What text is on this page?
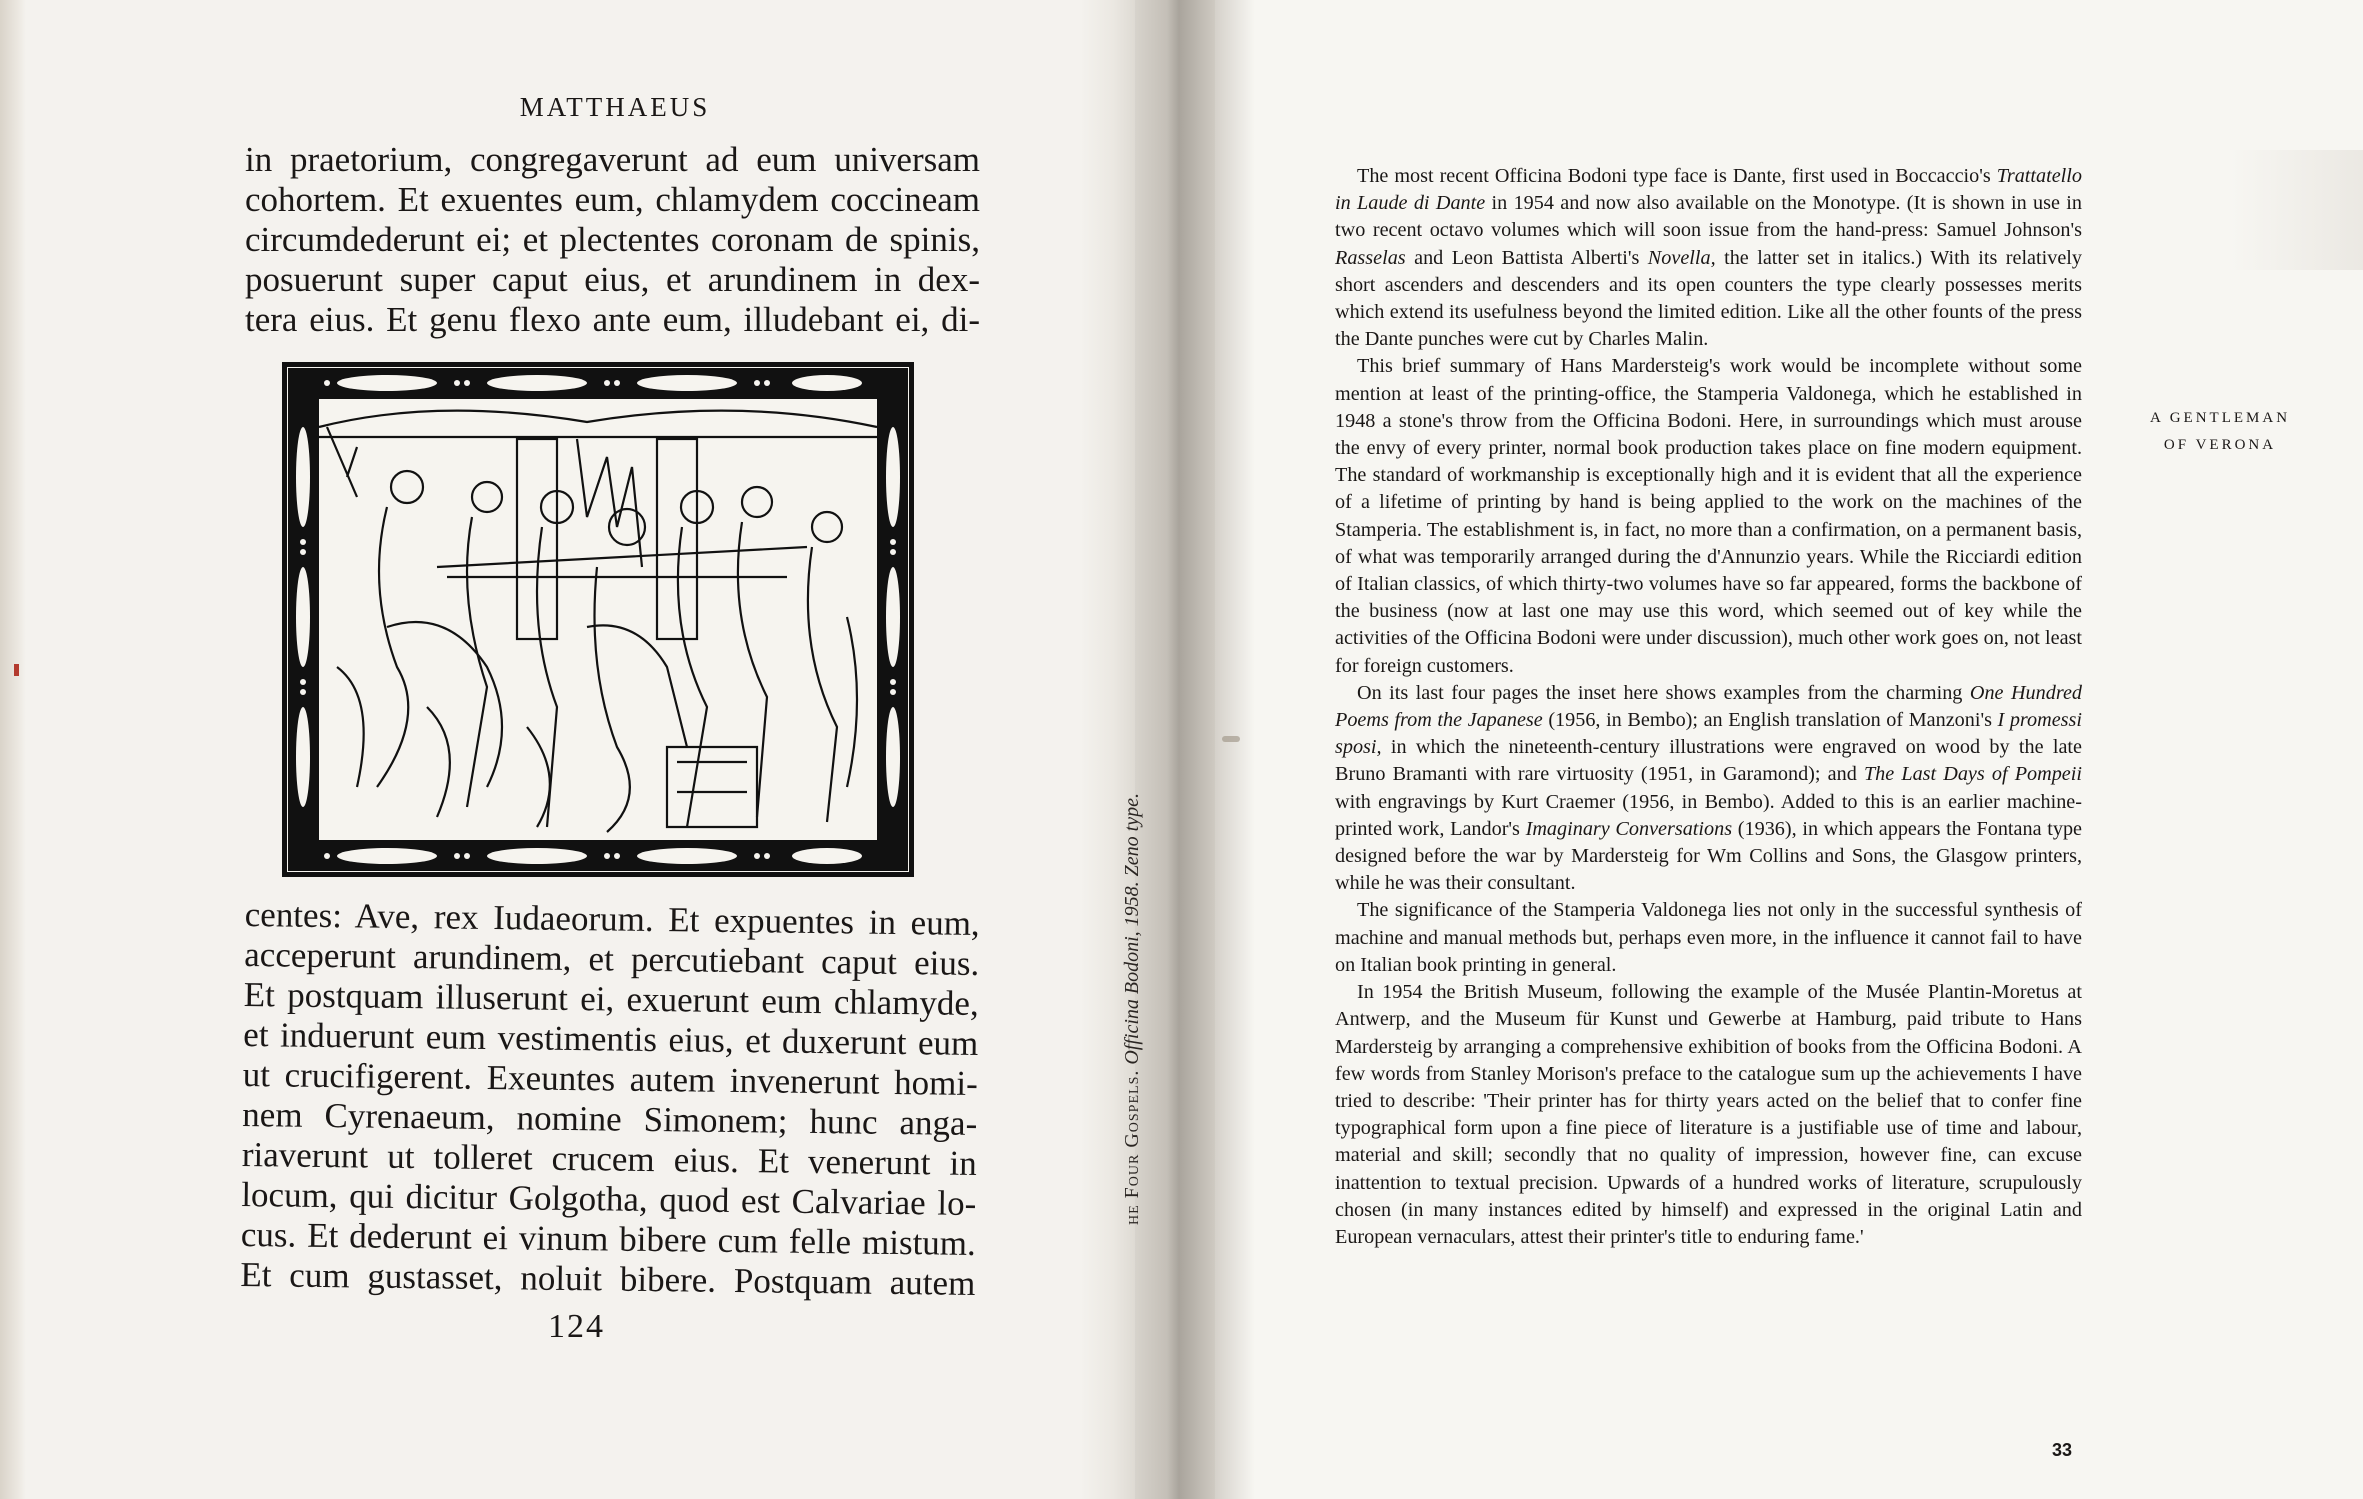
MATTHAEUS
in praetorium, congregaverunt ad eum universam
cohortem. Et exuentes eum, chlamydem coccineam
circumdederunt ei; et plectentes coronam de spinis,
posuerunt super caput eius, et arundinem in dex-
tera eius. Et genu flexo ante eum, illudebant ei, di-
centes: Ave, rex Iudaeorum. Et expuentes in eum,
acceperunt arundinem, et percutiebant caput eius.
Et postquam illuserunt ei, exuerunt eum chlamyde,
et induerunt eum vestimentis eius, et duxerunt eum
ut crucifigerent. Exeuntes autem invenerunt homi-
nem Cyrenaeum, nomine Simonem; hunc anga-
riaverunt ut tolleret crucem eius. Et venerunt in
locum, qui dicitur Golgotha, quod est Calvariae lo-
cus. Et dederunt ei vinum bibere cum felle mistum.
Et cum gustasset, noluit bibere. Postquam autem
124
he Four Gospels. Officina Bodoni, 1958. Zeno type.
A GENTLEMAN
OF VERONA

The most recent Officina Bodoni type face is Dante, first used in Boccaccio's Trattatello in Laude di Dante in 1954 and now also available on the Monotype. (It is shown in use in two recent octavo volumes which will soon issue from the hand-press: Samuel Johnson's Rasselas and Leon Battista Alberti's Novella, the latter set in italics.) With its relatively short ascenders and descenders and its open counters the type clearly possesses merits which extend its usefulness beyond the limited edition. Like all the other founts of the press the Dante punches were cut by Charles Malin.

This brief summary of Hans Mardersteig's work would be incomplete without some mention at least of the printing-office, the Stamperia Valdonega, which he established in 1948 a stone's throw from the Officina Bodoni. Here, in surroundings which must arouse the envy of every printer, normal book production takes place on fine modern equipment. The standard of workmanship is exceptionally high and it is evident that all the experience of a lifetime of printing by hand is being applied to the work on the machines of the Stamperia. The establishment is, in fact, no more than a confirmation, on a permanent basis, of what was temporarily arranged during the d'Annunzio years. While the Ricciardi edition of Italian classics, of which thirty-two volumes have so far appeared, forms the backbone of the business (now at last one may use this word, which seemed out of key while the activities of the Officina Bodoni were under discussion), much other work goes on, not least for foreign customers.

On its last four pages the inset here shows examples from the charming One Hundred Poems from the Japanese (1956, in Bembo); an English translation of Manzoni's I promessi sposi, in which the nineteenth-century illustrations were engraved on wood by the late Bruno Bramanti with rare virtuosity (1951, in Garamond); and The Last Days of Pompeii with engravings by Kurt Craemer (1956, in Bembo). Added to this is an earlier machine-printed work, Landor's Imaginary Conversations (1936), in which appears the Fontana type designed before the war by Mardersteig for Wm Collins and Sons, the Glasgow printers, while he was their consultant.

The significance of the Stamperia Valdonega lies not only in the successful synthesis of machine and manual methods but, perhaps even more, in the influence it cannot fail to have on Italian book printing in general.

In 1954 the British Museum, following the example of the Musée Plantin-Moretus at Antwerp, and the Museum für Kunst und Gewerbe at Hamburg, paid tribute to Hans Mardersteig by arranging a comprehensive exhibition of books from the Officina Bodoni. A few words from Stanley Morison's preface to the catalogue sum up the achievements I have tried to describe: 'Their printer has for thirty years acted on the belief that to confer fine typographical form upon a fine piece of literature is a justifiable use of time and labour, material and skill; secondly that no quality of impression, however fine, can excuse inattention to textual precision. Upwards of a hundred works of literature, scrupulously chosen (in many instances edited by himself) and expressed in the original Latin and European vernaculars, attest their printer's title to enduring fame.'

33
